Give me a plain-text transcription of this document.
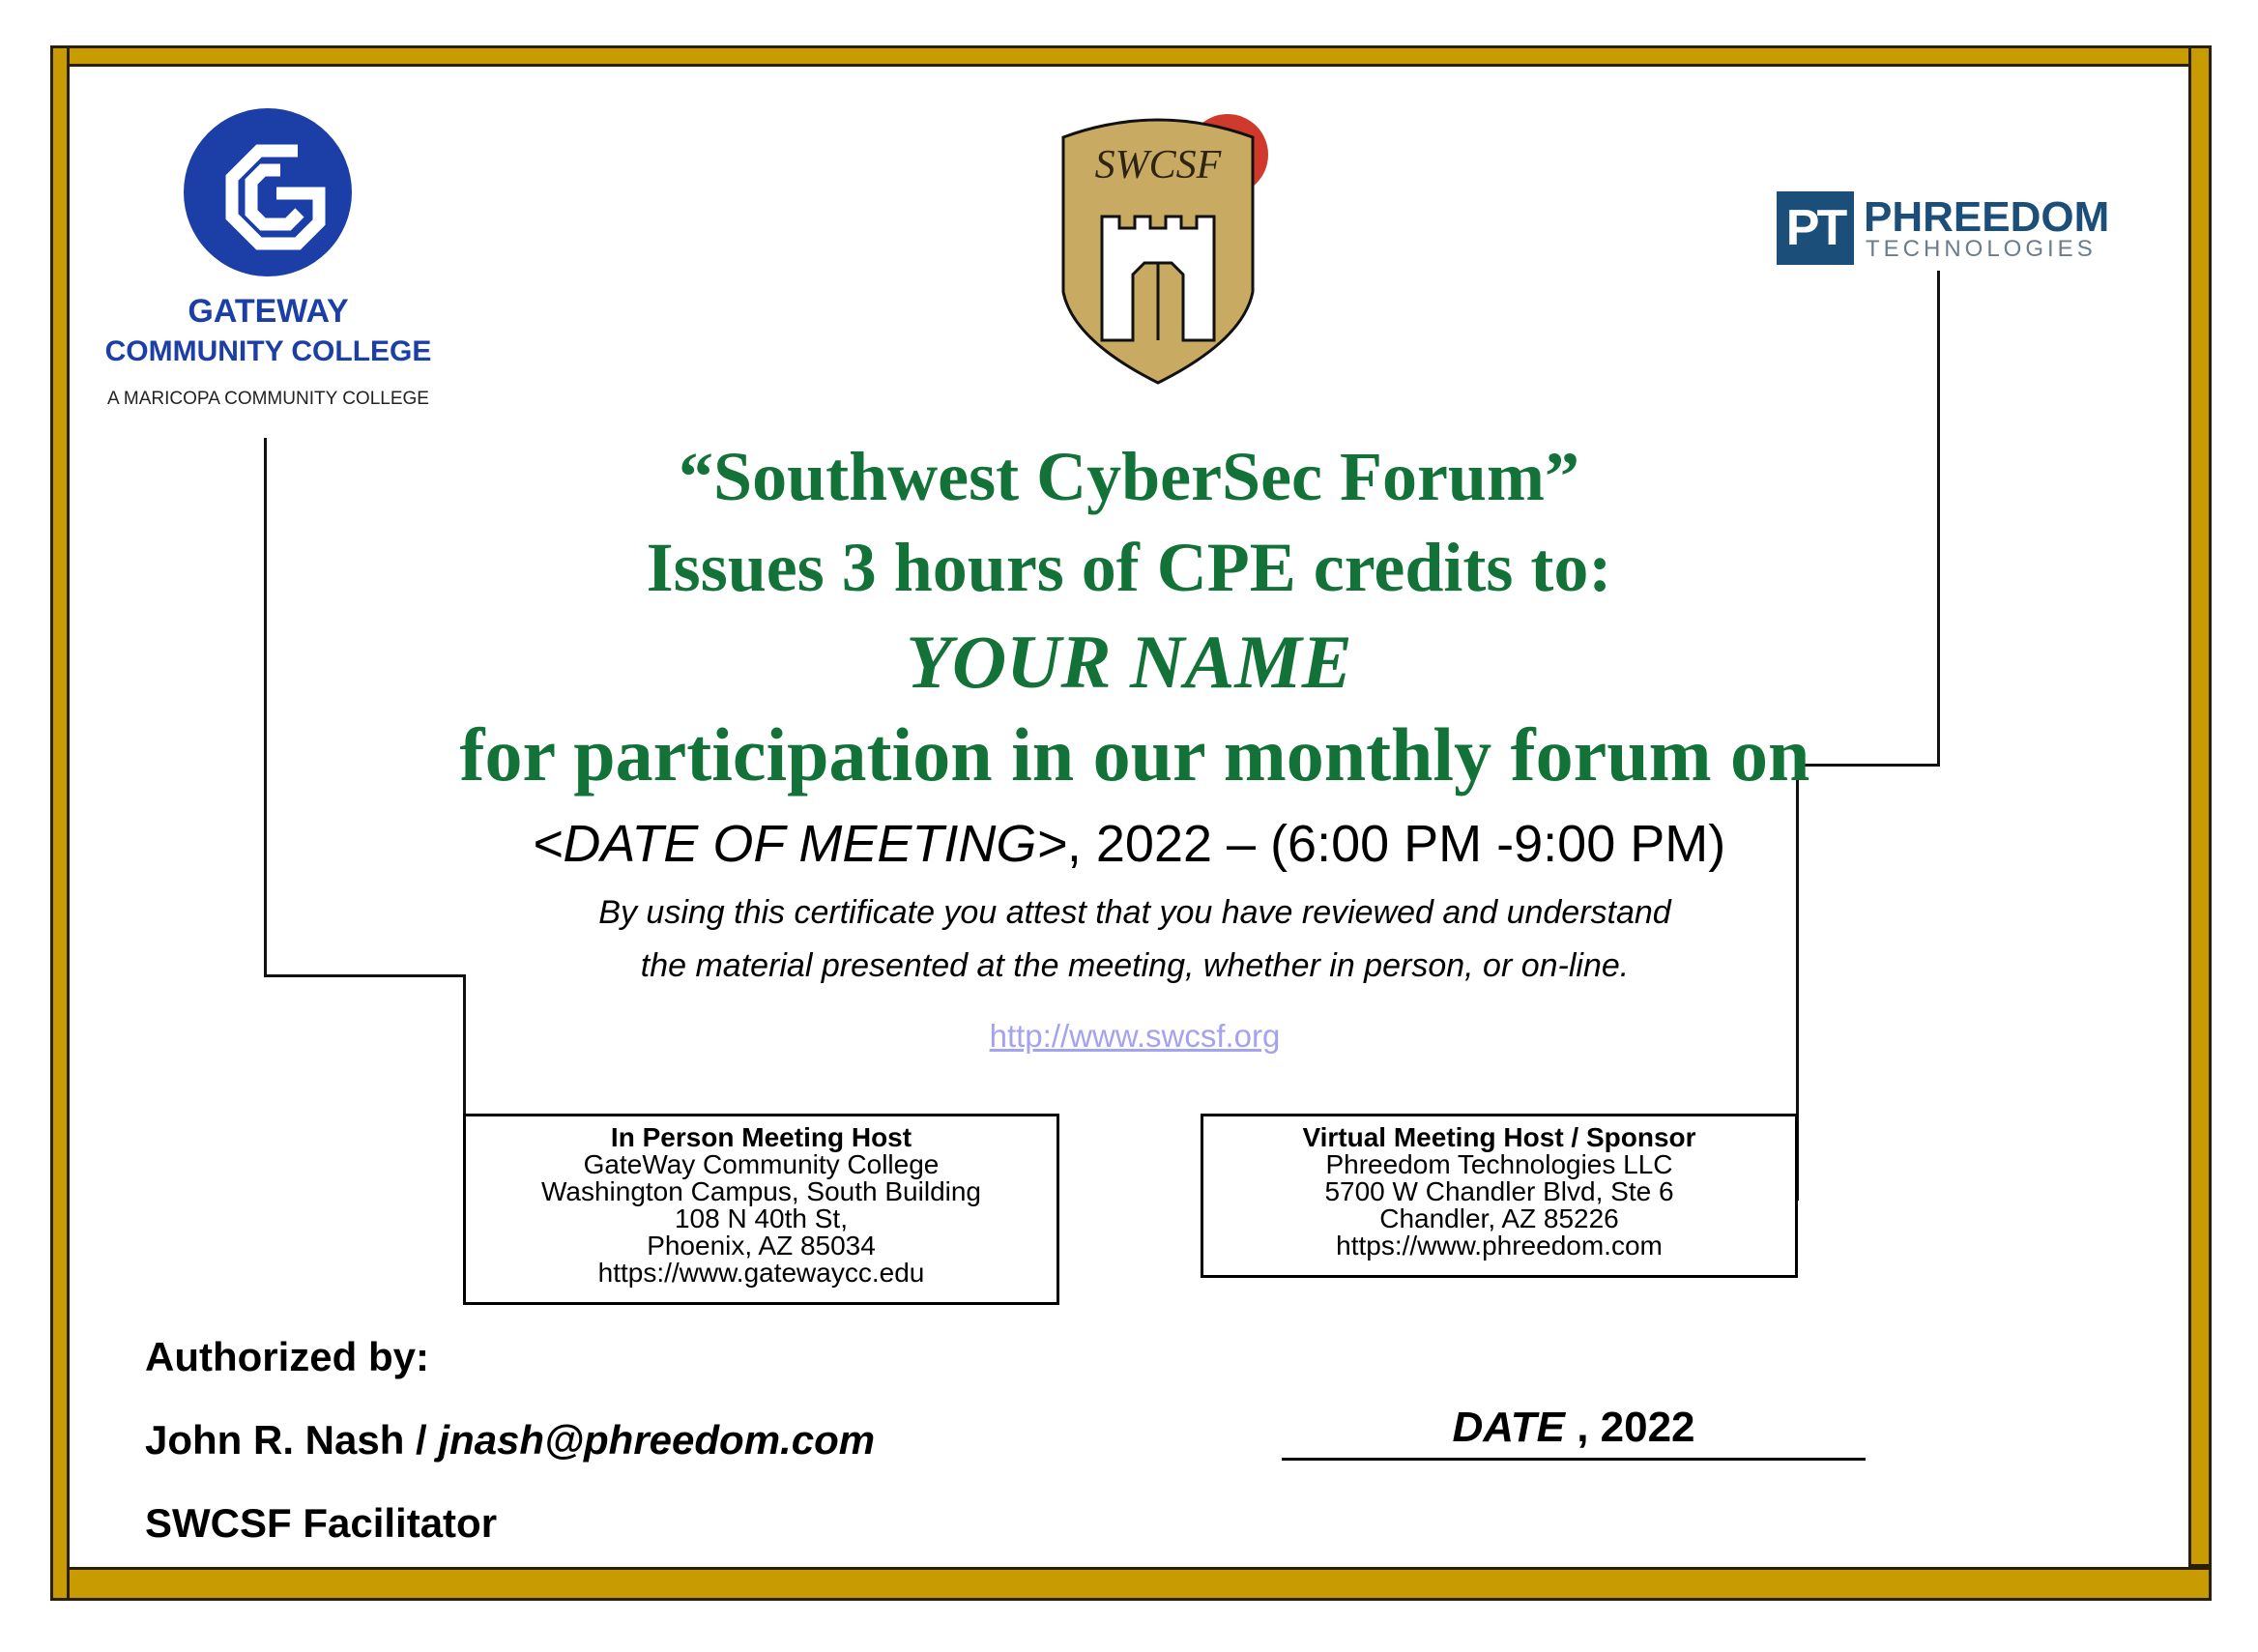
GATEWAY
COMMUNITY COLLEGE
A MARICOPA COMMUNITY COLLEGE
SWCSF
PT PHREEDOM
TECHNOLOGIES
“Southwest CyberSec Forum”
Issues 3 hours of CPE credits to:
YOUR NAME
for participation in our monthly forum on
<DATE OF MEETING>, 2022 – (6:00 PM -9:00 PM)
By using this certificate you attest that you have reviewed and understand
the material presented at the meeting, whether in person, or on-line.
http://www.swcsf.org
In Person Meeting Host
GateWay Community College
Washington Campus, South Building
108 N 40th St,
Phoenix, AZ 85034
https://www.gatewaycc.edu
Virtual Meeting Host / Sponsor
Phreedom Technologies LLC
5700 W Chandler Blvd, Ste 6
Chandler, AZ 85226
https://www.phreedom.com
Authorized by:
John R. Nash / jnash@phreedom.com
SWCSF Facilitator
DATE , 2022
